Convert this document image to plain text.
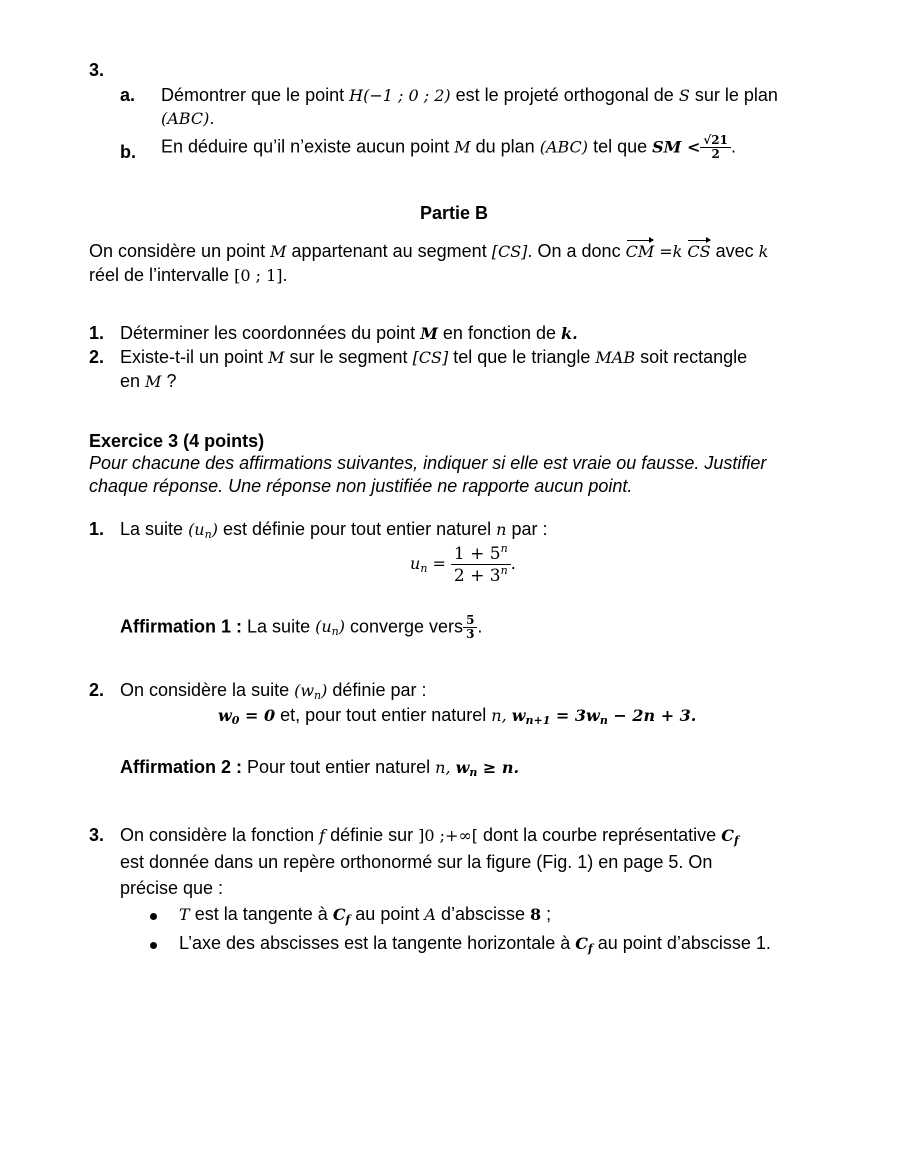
3.
a. Démontrer que le point H(−1 ; 0 ; 2) est le projeté orthogonal de S sur le plan
(ABC).
b. En déduire qu’il n’existe aucun point M du plan (ABC) tel que SM < $\frac{√21}{2}$ .
Partie B
On considère un point M appartenant au segment [CS]. On a donc CM =k CS avec k
réel de l’intervalle [0 ; 1].
1. Déterminer les coordonnées du point M en fonction de k.
2. Existe-t-il un point M sur le segment [CS] tel que le triangle MAB soit rectangle
en M ?
Exercice 3 (4 points)
Pour chacune des affirmations suivantes, indiquer si elle est vraie ou fausse. Justifier
chaque réponse. Une réponse non justifiée ne rapporte aucun point.
1. La suite $(u_n)$ est définie pour tout entier naturel n par :
$u_n = \frac{1 + 5^n}{2 + 3^n}$ .
Affirmation 1 : La suite $(u_n)$ converge vers $\frac{5}{3}$ .
2. On considère la suite $(w_n)$ définie par :
$w_0 = 0$ et, pour tout entier naturel n, $w_{n+1} = 3w_n - 2n + 3$.
Affirmation 2 : Pour tout entier naturel n, $w_n \ge n$.
3. On considère la fonction f définie sur ]0 ;+∞[ dont la courbe représentative $C_f$
est donnée dans un repère orthonormé sur la figure (Fig. 1) en page 5. On
précise que :
T est la tangente à $C_f$ au point A d’abscisse 8 ;
L’axe des abscisses est la tangente horizontale à $C_f$ au point d’abscisse 1.
